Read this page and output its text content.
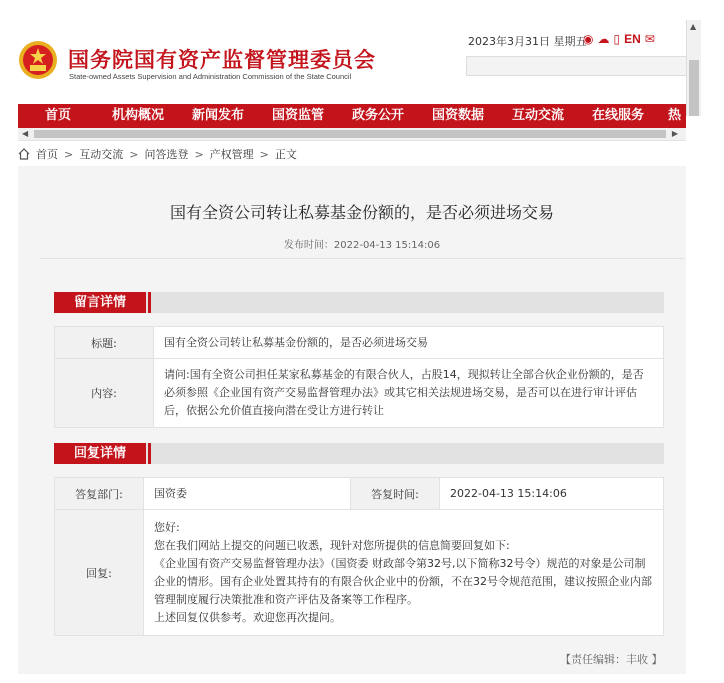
国务院国有资产监督管理委员会
State-owned Assets Supervision and Administration Commission of the State Council
2023年3月31日 星期五
◉ ☁ ▯ EN ✉
▲
首页	机构概况	新闻发布	国资监管	政务公开	国资数据	互动交流	在线服务	热
◀	▶
首页 > 互动交流 > 问答选登 > 产权管理 > 正文
国有全资公司转让私募基金份额的，是否必须进场交易
发布时间：2022-04-13 15:14:06
留言详情
标题:	国有全资公司转让私募基金份额的，是否必须进场交易
内容:	请问:国有全资公司担任某家私募基金的有限合伙人，占股14，现拟转让全部合伙企业份额的，是否必须参照《企业国有资产交易监督管理办法》或其它相关法规进场交易，是否可以在进行审计评估后，依据公允价值直接向潜在受让方进行转让
回复详情
答复部门:	国资委	答复时间:	2022-04-13 15:14:06
回复:	您好:

您在我们网站上提交的问题已收悉，现针对您所提供的信息简要回复如下:

《企业国有资产交易监督管理办法》（国资委 财政部令第32号,以下简称32号令）规范的对象是公司制企业的情形。国有企业处置其持有的有限合伙企业中的份额，不在32号令规范范围，建议按照企业内部管理制度履行决策批准和资产评估及备案等工作程序。

上述回复仅供参考。欢迎您再次提问。		

【责任编辑：丰收 】
